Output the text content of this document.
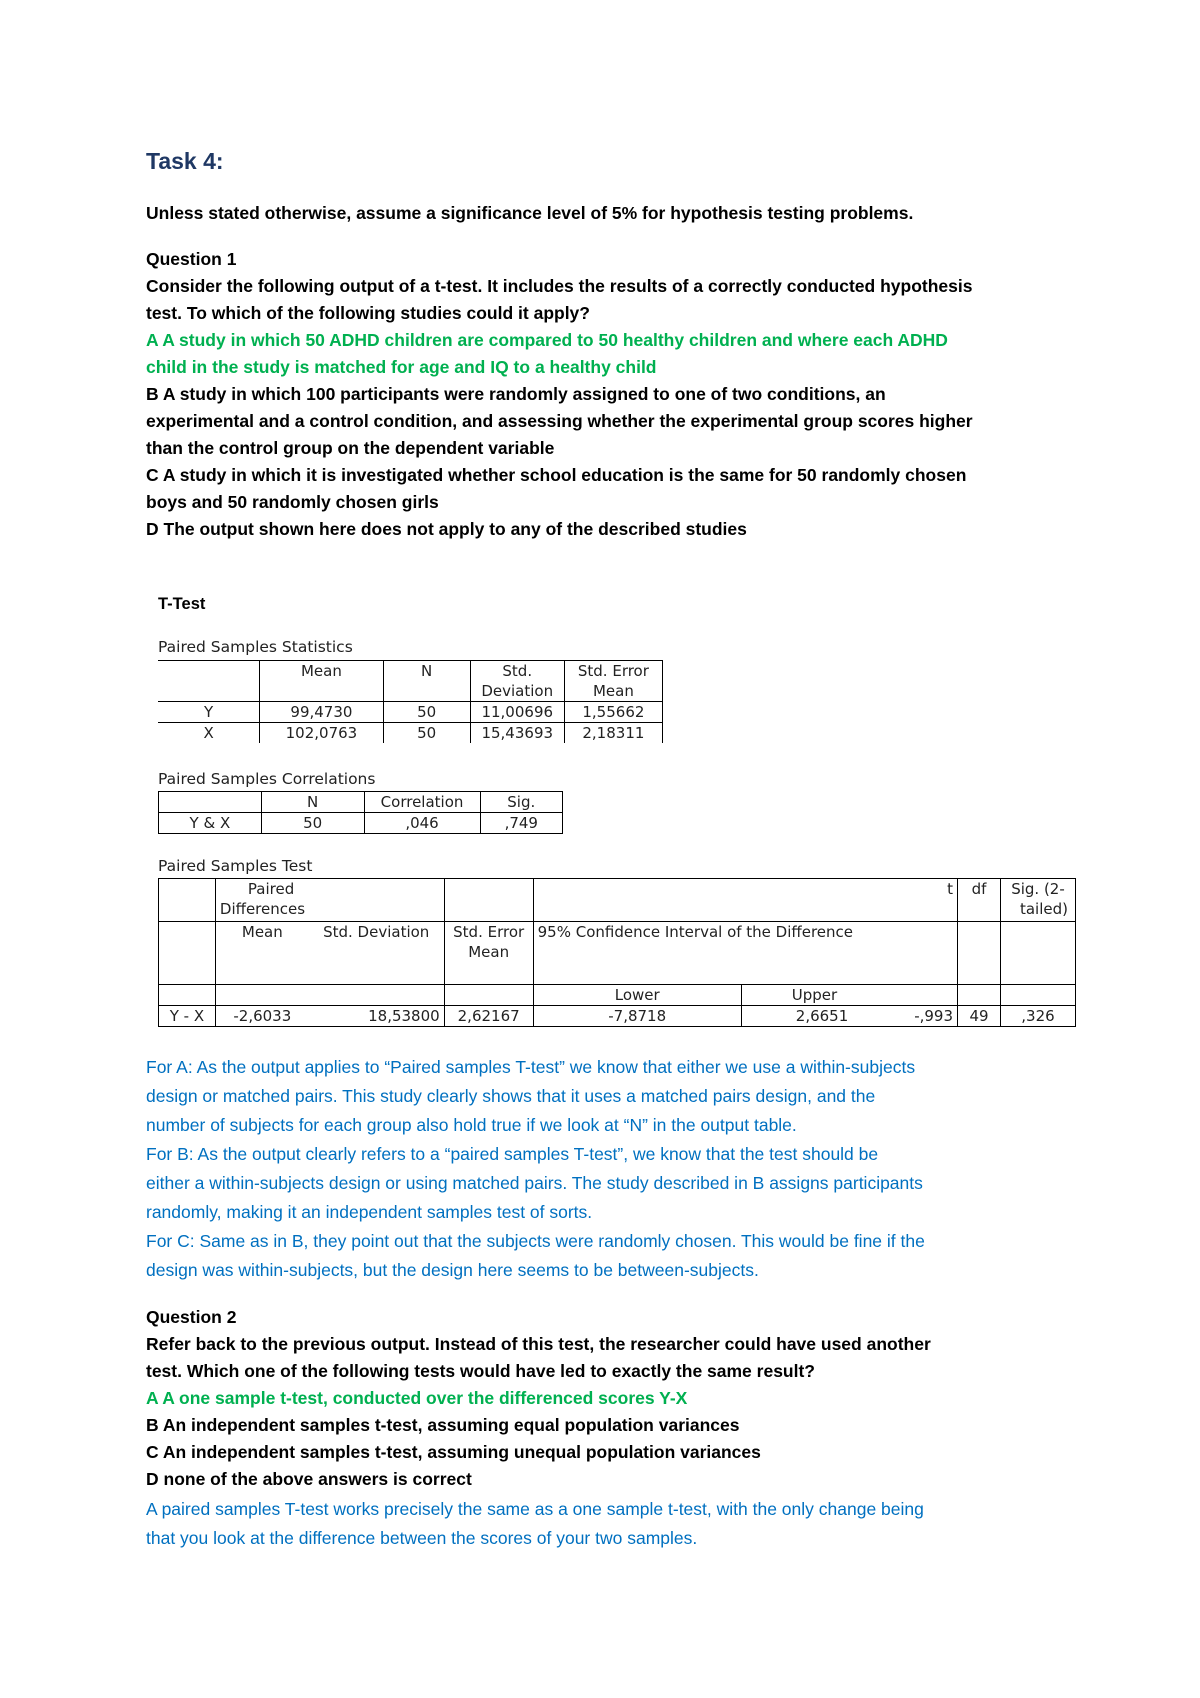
Task 4:
Unless stated otherwise, assume a significance level of 5% for hypothesis testing problems.
Question 1
Consider the following output of a t-test. It includes the results of a correctly conducted hypothesis
test. To which of the following studies could it apply?
A A study in which 50 ADHD children are compared to 50 healthy children and where each ADHD
child in the study is matched for age and IQ to a healthy child
B A study in which 100 participants were randomly assigned to one of two conditions, an
experimental and a control condition, and assessing whether the experimental group scores higher
than the control group on the dependent variable
C A study in which it is investigated whether school education is the same for 50 randomly chosen
boys and 50 randomly chosen girls
D The output shown here does not apply to any of the described studies
T-Test
Paired Samples Statistics
	Mean	N	Std.
Deviation	Std. Error
Mean
Y	99,4730	50	11,00696	1,55662
X	102,0763	50	15,43693	2,18311
Paired Samples Correlations
	N	Correlation	Sig.
Y & X	50	,046	,749
Paired Samples Test
	Paired
Differences				t	df	Sig. (2-
tailed)
	Mean	Std. Deviation	Std. Error
Mean	95% Confidence Interval of the Difference			
				Lower	Upper		
Y - X	-2,6033	18,53800	2,62167	-7,8718	2,6651 -,993	49	,326
For A: As the output applies to “Paired samples T-test” we know that either we use a within-subjects
design or matched pairs. This study clearly shows that it uses a matched pairs design, and the
number of subjects for each group also hold true if we look at “N” in the output table.
For B: As the output clearly refers to a “paired samples T-test”, we know that the test should be
either a within-subjects design or using matched pairs. The study described in B assigns participants
randomly, making it an independent samples test of sorts.
For C: Same as in B, they point out that the subjects were randomly chosen. This would be fine if the
design was within-subjects, but the design here seems to be between-subjects.
Question 2
Refer back to the previous output. Instead of this test, the researcher could have used another
test. Which one of the following tests would have led to exactly the same result?
A A one sample t-test, conducted over the differenced scores Y-X
B An independent samples t-test, assuming equal population variances
C An independent samples t-test, assuming unequal population variances
D none of the above answers is correct
A paired samples T-test works precisely the same as a one sample t-test, with the only change being
that you look at the difference between the scores of your two samples.
